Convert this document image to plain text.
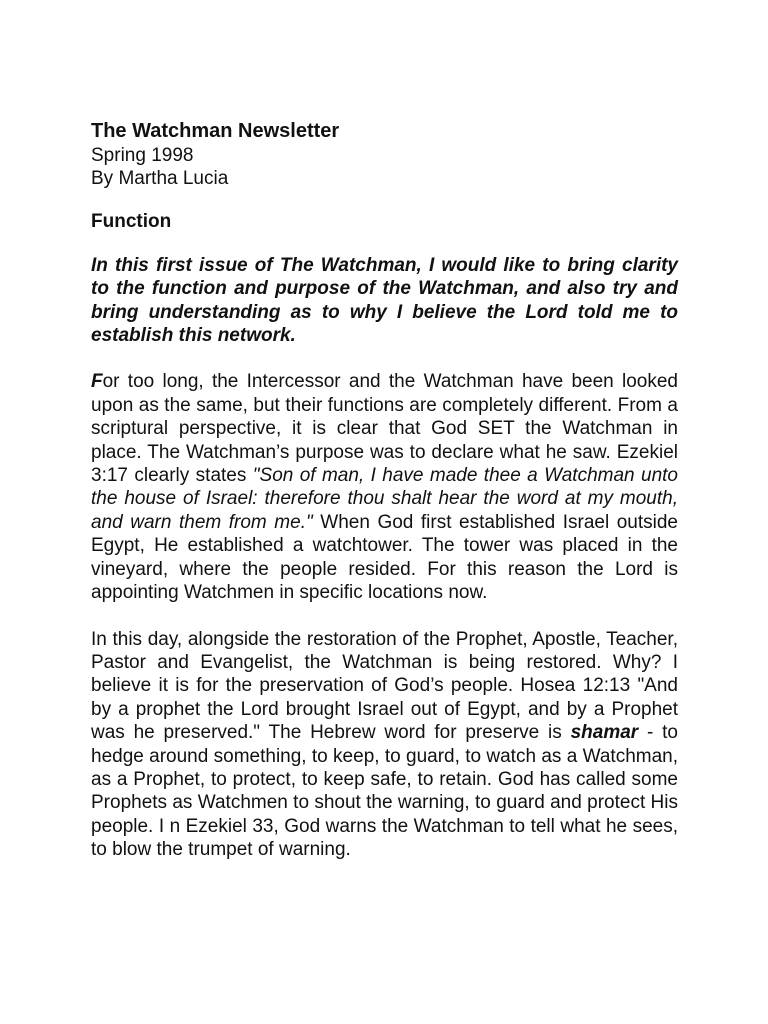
The Watchman Newsletter

Spring 1998

By Martha Lucia

Function

In this first issue of The Watchman, I would like to bring clarity to the function and purpose of the Watchman, and also try and bring understanding as to why I believe the Lord told me to establish this network.

For too long, the Intercessor and the Watchman have been looked upon as the same, but their functions are completely different. From a scriptural perspective, it is clear that God SET the Watchman in place. The Watchman’s purpose was to declare what he saw. Ezekiel 3:17 clearly states "Son of man, I have made thee a Watchman unto the house of Israel: therefore thou shalt hear the word at my mouth, and warn them from me." When God first established Israel outside Egypt, He established a watchtower. The tower was placed in the vineyard, where the people resided. For this reason the Lord is appointing Watchmen in specific locations now.

In this day, alongside the restoration of the Prophet, Apostle, Teacher, Pastor and Evangelist, the Watchman is being restored. Why? I believe it is for the preservation of God’s people. Hosea 12:13 "And by a prophet the Lord brought Israel out of Egypt, and by a Prophet was he preserved." The Hebrew word for preserve is shamar - to hedge around something, to keep, to guard, to watch as a Watchman, as a Prophet, to protect, to keep safe, to retain. God has called some Prophets as Watchmen to shout the warning, to guard and protect His people. I n Ezekiel 33, God warns the Watchman to tell what he sees, to blow the trumpet of warning.
